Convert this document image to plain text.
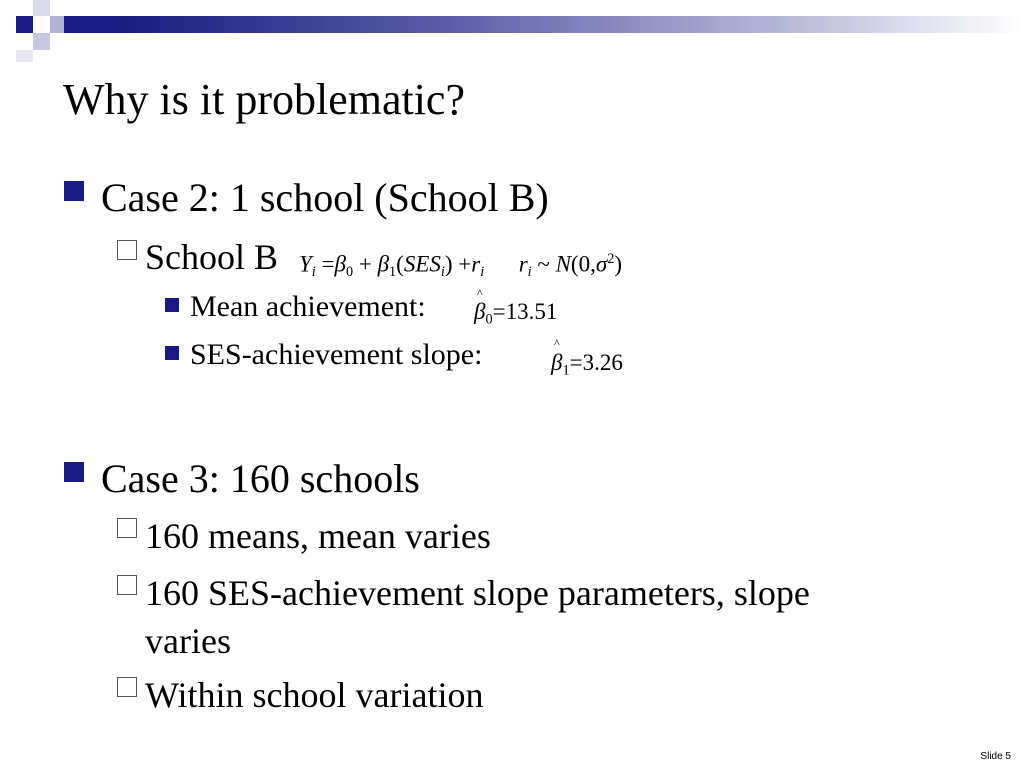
Why is it problematic?
Case 2: 1 school (School B)
School B $Y_i =\beta_0 + \beta_1(SES_i) +r_i$ $r_i$ ~ $N(0,\sigma^2)$
Mean achievement:	^
$\beta_0=13.51$
SES-achievement slope:	^
$\beta_1=3.26$
Case 3: 160 schools
160 means, mean varies
160 SES-achievement slope parameters, slope
varies
Within school variation
Slide 5
